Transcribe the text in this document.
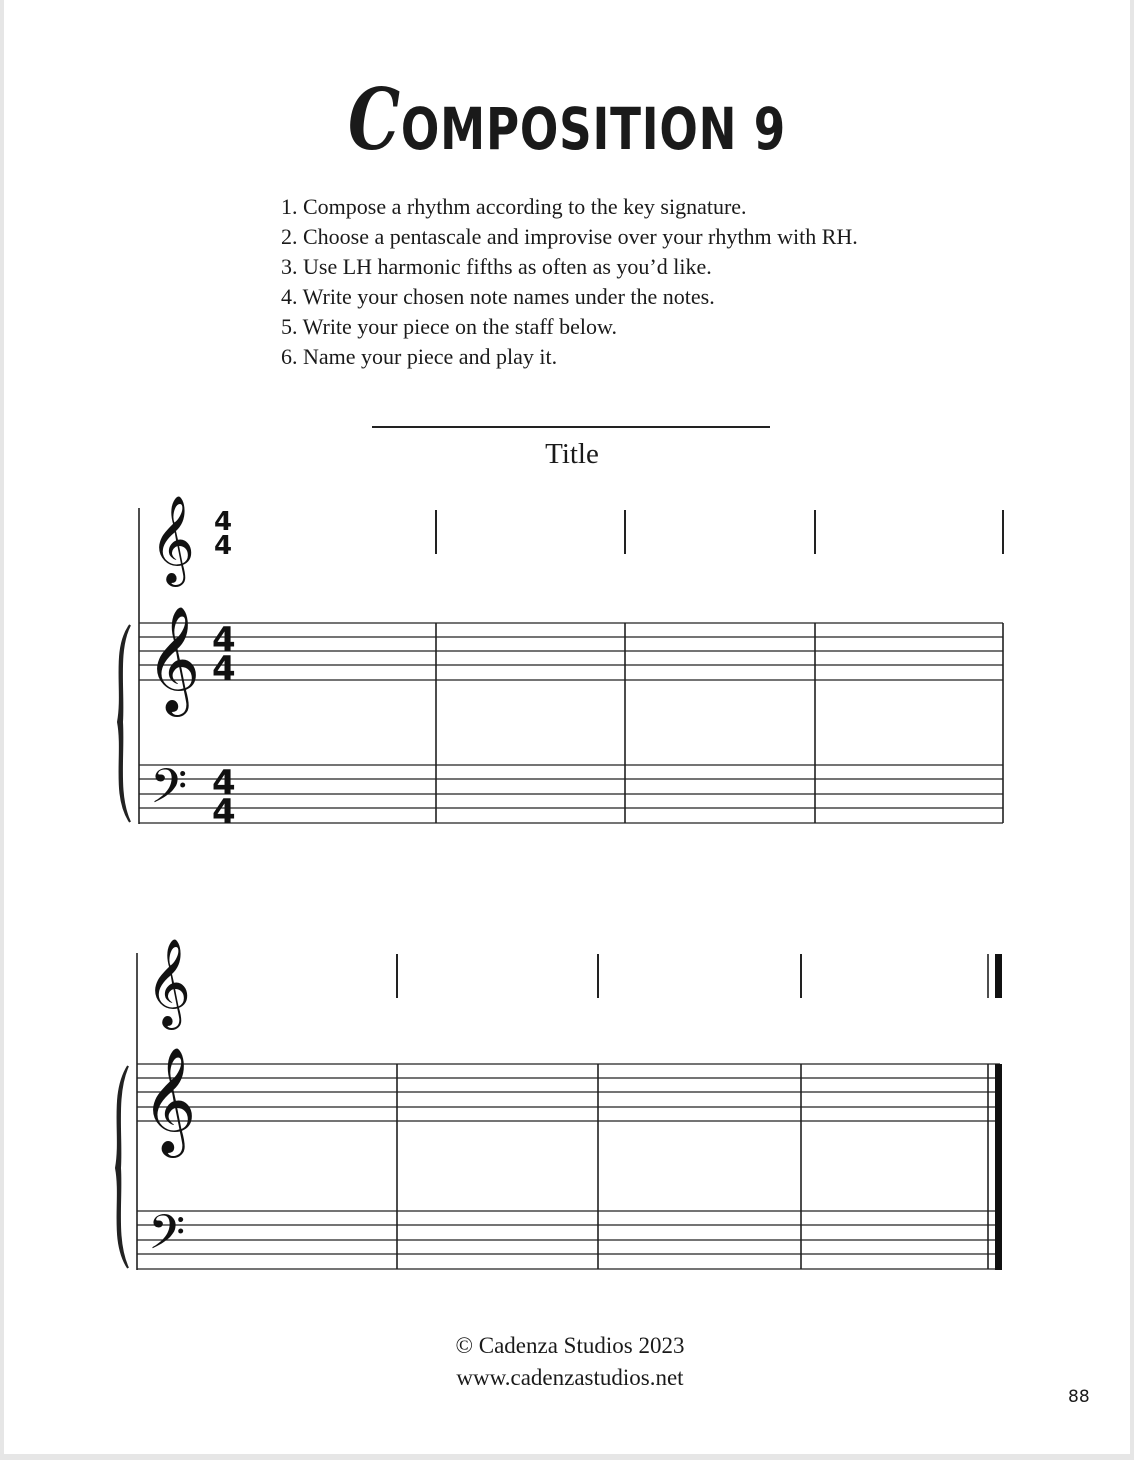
COMPOSITION 9
1. Compose a rhythm according to the key signature.
2. Choose a pentascale and improvise over your rhythm with RH.
3. Use LH harmonic fifths as often as you’d like.
4. Write your chosen note names under the notes.
5. Write your piece on the staff below.
6. Name your piece and play it.
Title
𝄞 4
4
𝄞 4
4
𝄢 4
4
𝄞
𝄞
𝄢
© Cadenza Studios 2023
www.cadenzastudios.net
88
